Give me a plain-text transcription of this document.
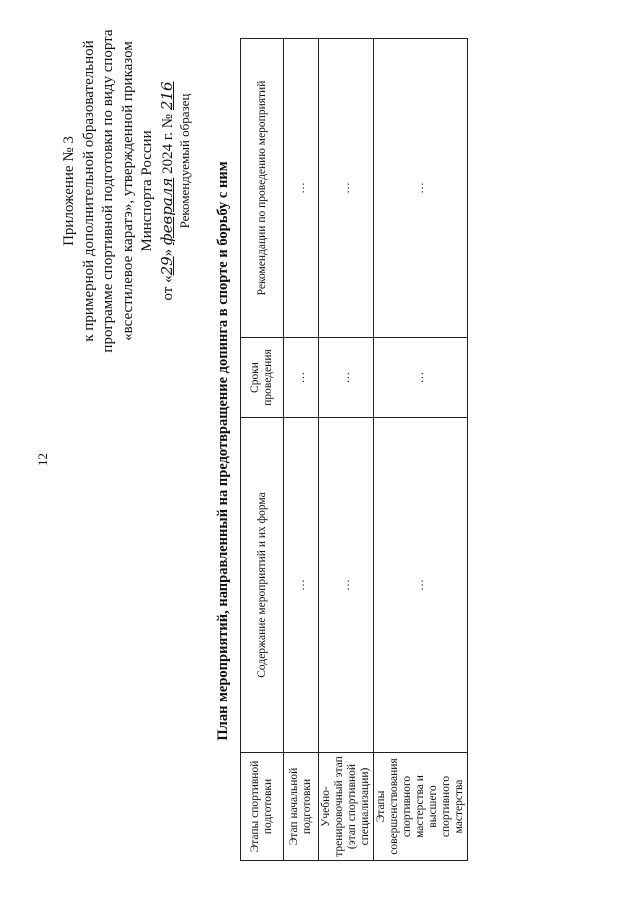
12
Приложение № 3 к примерной дополнительной образовательной программе спортивной подготовки по виду спорта «всестилевое каратэ», утвержденной приказом Минспорта России
от «29» февраля 2024 г. № 216 Рекомендуемый образец
План мероприятий, направленный на предотвращение допинга в спорте и борьбу с ним
Этапы спортивной подготовки	Содержание мероприятий и их форма	Сроки проведения	Рекомендации по проведению мероприятий
Этап начальной подготовки	…	…	…
Учебно-тренировочный этап (этап спортивной специализации)	…	…	…
Этапы совершенствования спортивного мастерства и высшего спортивного мастерства	…	…	…
